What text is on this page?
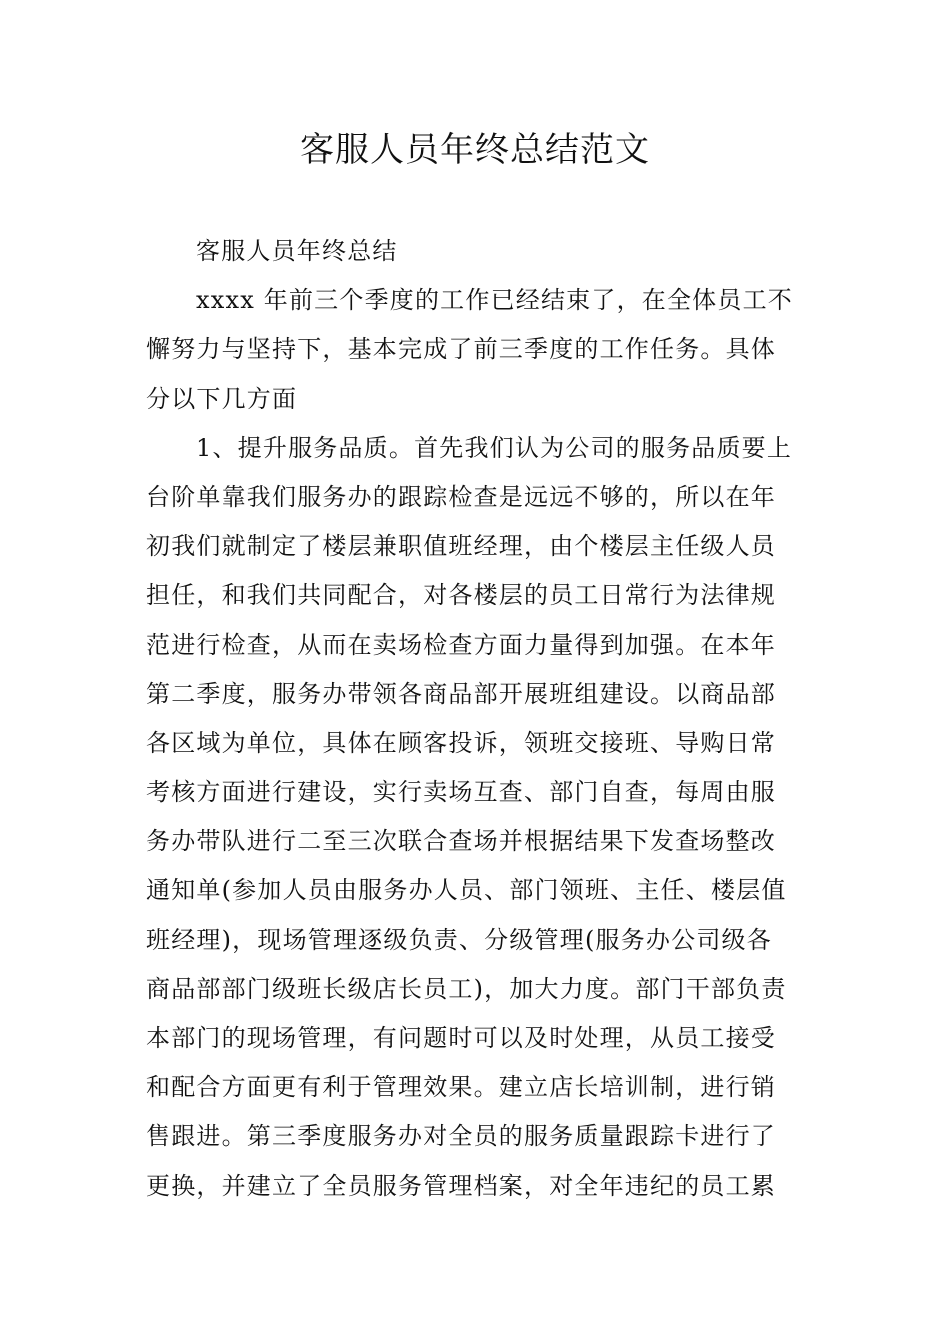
客服人员年终总结范文
客服人员年终总结
xxxx 年前三个季度的工作已经结束了，在全体员工不
懈努力与坚持下，基本完成了前三季度的工作任务。具体
分以下几方面
1、提升服务品质。首先我们认为公司的服务品质要上
台阶单靠我们服务办的跟踪检查是远远不够的，所以在年
初我们就制定了楼层兼职值班经理，由个楼层主任级人员
担任，和我们共同配合，对各楼层的员工日常行为法律规
范进行检查，从而在卖场检查方面力量得到加强。在本年
第二季度，服务办带领各商品部开展班组建设。以商品部
各区域为单位，具体在顾客投诉，领班交接班、导购日常
考核方面进行建设，实行卖场互查、部门自查，每周由服
务办带队进行二至三次联合查场并根据结果下发查场整改
通知单(参加人员由服务办人员、部门领班、主任、楼层值
班经理)，现场管理逐级负责、分级管理(服务办公司级各
商品部部门级班长级店长员工)，加大力度。部门干部负责
本部门的现场管理，有问题时可以及时处理，从员工接受
和配合方面更有利于管理效果。建立店长培训制，进行销
售跟进。第三季度服务办对全员的服务质量跟踪卡进行了
更换，并建立了全员服务管理档案，对全年违纪的员工累
